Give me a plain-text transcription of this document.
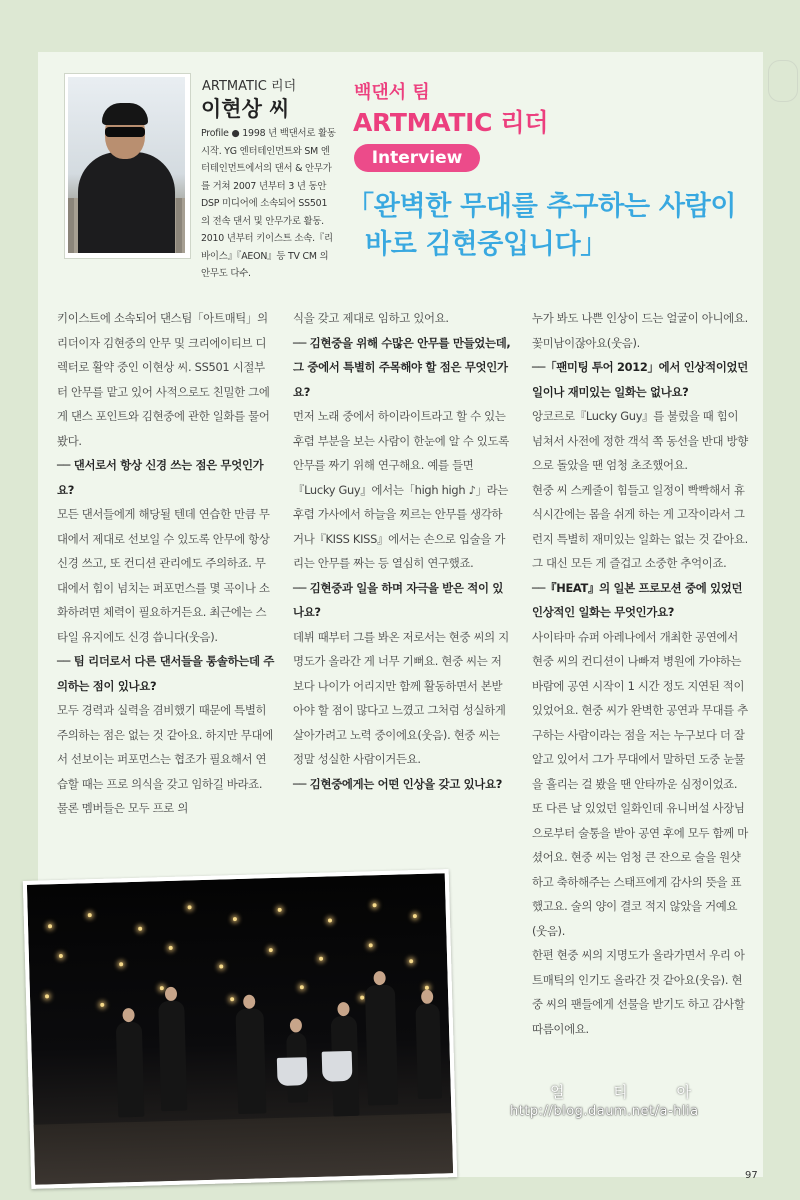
ARTMATIC 리더
이현상 씨
Profile ● 1998 년 백댄서로 활동 시작. YG 엔터테인먼트와 SM 엔터테인먼트에서의 댄서 & 안무가를 거쳐 2007 년부터 3 년 동안 DSP 미디어에 소속되어 SS501 의 전속 댄서 및 안무가로 활동. 2010 년부터 키이스트 소속.『리바이스』『AEON』등 TV CM 의 안무도 다수.
백댄서 팀
ARTMATIC 리더
Interview
「완벽한 무대를 추구하는 사람이
바로 김현중입니다」

키이스트에 소속되어 댄스팀「아트매틱」의 리더이자 김현중의 안무 및 크리에이티브 디렉터로 활약 중인 이현상 씨. SS501 시절부터 안무를 맡고 있어 사적으로도 친밀한 그에게 댄스 포인트와 김현중에 관한 일화를 물어봤다.

── 댄서로서 항상 신경 쓰는 점은 무엇인가요?

모든 댄서들에게 해당될 텐데 연습한 만큼 무대에서 제대로 선보일 수 있도록 안무에 항상 신경 쓰고, 또 컨디션 관리에도 주의하죠. 무대에서 힘이 넘치는 퍼포먼스를 몇 곡이나 소화하려면 체력이 필요하거든요. 최근에는 스타일 유지에도 신경 씁니다(웃음).

── 팀 리더로서 다른 댄서들을 통솔하는데 주의하는 점이 있나요?

모두 경력과 실력을 겸비했기 때문에 특별히 주의하는 점은 없는 것 같아요. 하지만 무대에서 선보이는 퍼포먼스는 협조가 필요해서 연습할 때는 프로 의식을 갖고 임하길 바라죠. 물론 멤버들은 모두 프로 의

식을 갖고 제대로 임하고 있어요.

── 김현중을 위해 수많은 안무를 만들었는데, 그 중에서 특별히 주목해야 할 점은 무엇인가요?

먼저 노래 중에서 하이라이트라고 할 수 있는 후렴 부분을 보는 사람이 한눈에 알 수 있도록 안무를 짜기 위해 연구해요. 예를 들면『Lucky Guy』에서는「high high ♪」라는 후렴 가사에서 하늘을 찌르는 안무를 생각하거나『KISS KISS』에서는 손으로 입술을 가리는 안무를 짜는 등 열심히 연구했죠.

── 김현중과 일을 하며 자극을 받은 적이 있나요?

데뷔 때부터 그를 봐온 저로서는 현중 씨의 지명도가 올라간 게 너무 기뻐요. 현중 씨는 저보다 나이가 어리지만 함께 활동하면서 본받아야 할 점이 많다고 느꼈고 그처럼 성실하게 살아가려고 노력 중이에요(웃음). 현중 씨는 정말 성실한 사람이거든요.

── 김현중에게는 어떤 인상을 갖고 있나요?

누가 봐도 나쁜 인상이 드는 얼굴이 아니에요. 꽃미남이잖아요(웃음).

──「팬미팅 투어 2012」에서 인상적이었던 일이나 재미있는 일화는 없나요?

앙코르로『Lucky Guy』를 불렀을 때 힘이 넘쳐서 사전에 정한 객석 쪽 동선을 반대 방향으로 돌았을 땐 엄청 초조했어요.

현중 씨 스케줄이 힘들고 일정이 빡빡해서 휴식시간에는 몸을 쉬게 하는 게 고작이라서 그런지 특별히 재미있는 일화는 없는 것 같아요. 그 대신 모든 게 즐겁고 소중한 추억이죠.

──『HEAT』의 일본 프로모션 중에 있었던 인상적인 일화는 무엇인가요?

사이타마 슈퍼 아레나에서 개최한 공연에서 현중 씨의 컨디션이 나빠져 병원에 가야하는 바람에 공연 시작이 1 시간 정도 지연된 적이 있었어요. 현중 씨가 완벽한 공연과 무대를 추구하는 사람이라는 점을 저는 누구보다 더 잘 알고 있어서 그가 무대에서 말하던 도중 눈물을 흘리는 걸 봤을 땐 안타까운 심정이었죠.

또 다른 날 있었던 일화인데 유니버설 사장님으로부터 술통을 받아 공연 후에 모두 함께 마셨어요. 현중 씨는 엄청 큰 잔으로 술을 원샷하고 축하해주는 스태프에게 감사의 뜻을 표했고요. 술의 양이 결코 적지 않았을 거예요(웃음).

한편 현중 씨의 지명도가 올라가면서 우리 아트매틱의 인기도 올라간 것 같아요(웃음). 현중 씨의 팬들에게 선물을 받기도 하고 감사할 따름이에요.

얼 티 아
http://blog.daum.net/a-hlia
97
